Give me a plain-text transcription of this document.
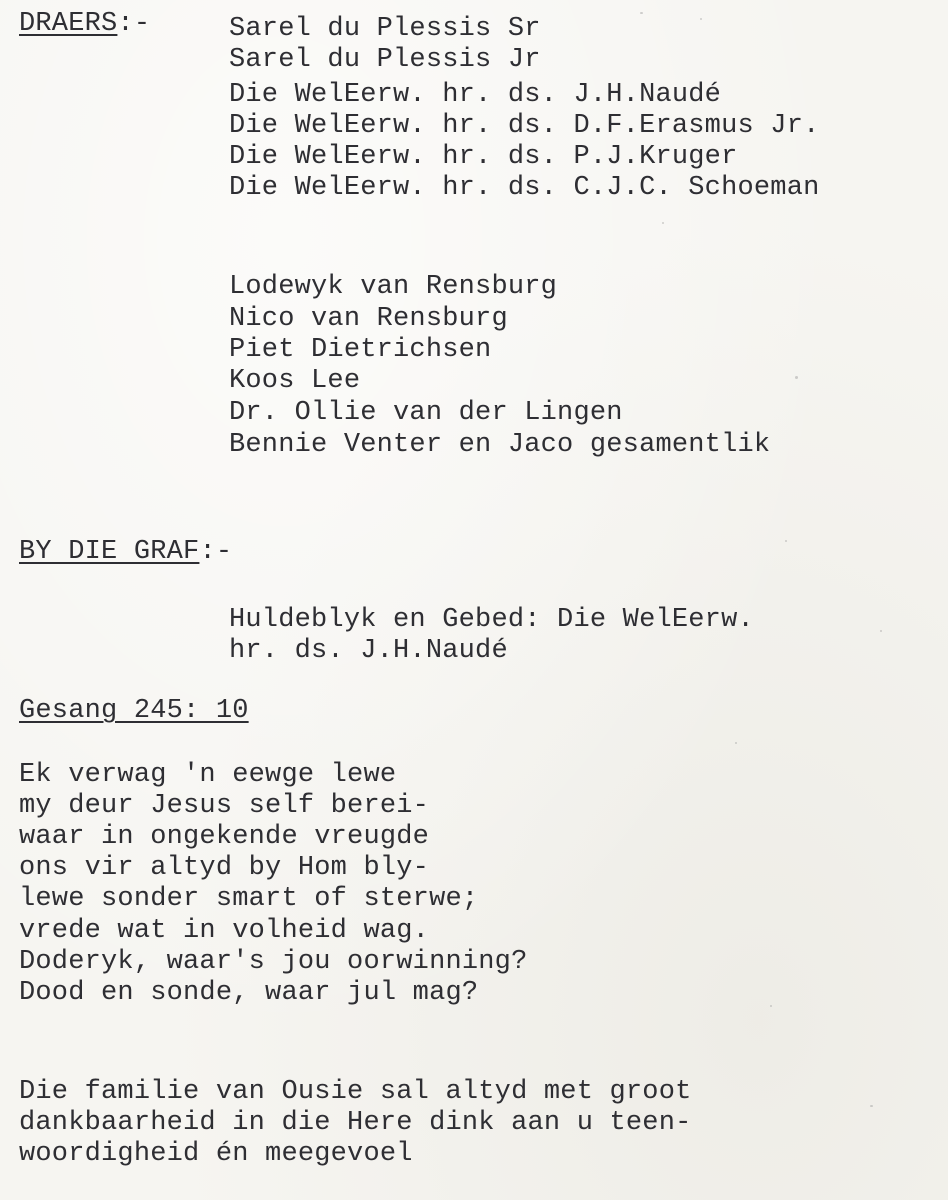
DRAERS:-	Sarel du Plessis Sr
Sarel du Plessis Jr
Die WelEerw. hr. ds. J.H.Naudé
Die WelEerw. hr. ds. D.F.Erasmus Jr.
Die WelEerw. hr. ds. P.J.Kruger
Die WelEerw. hr. ds. C.J.C. Schoeman
Lodewyk van Rensburg
Nico van Rensburg
Piet Dietrichsen
Koos Lee
Dr. Ollie van der Lingen
Bennie Venter en Jaco gesamentlik
BY DIE GRAF:-
Huldeblyk en Gebed: Die WelEerw.
hr. ds. J.H.Naudé
Gesang 245: 10
Ek verwag 'n eewge lewe
my deur Jesus self berei-
waar in ongekende vreugde
ons vir altyd by Hom bly-
lewe sonder smart of sterwe;
vrede wat in volheid wag.
Doderyk, waar's jou oorwinning?
Dood en sonde, waar jul mag?
Die familie van Ousie sal altyd met groot
dankbaarheid in die Here dink aan u teen-
woordigheid én meegevoel
